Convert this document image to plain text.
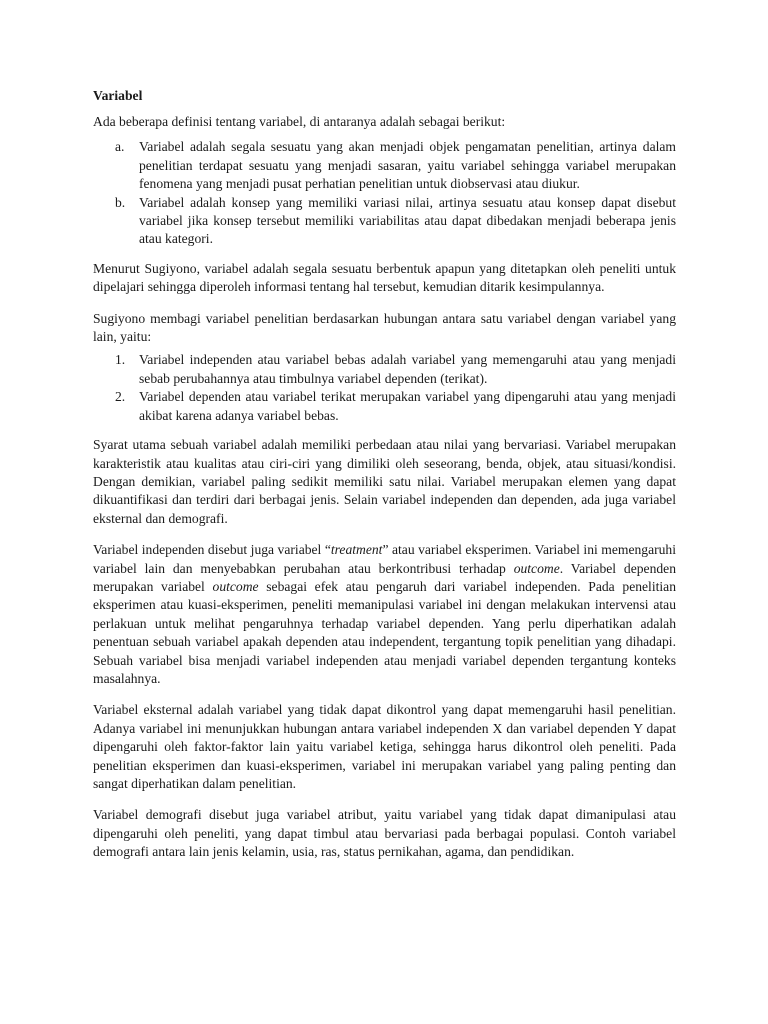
Variabel

Ada beberapa definisi tentang variabel, di antaranya adalah sebagai berikut:

a. Variabel adalah segala sesuatu yang akan menjadi objek pengamatan penelitian, artinya dalam penelitian terdapat sesuatu yang menjadi sasaran, yaitu variabel sehingga variabel merupakan fenomena yang menjadi pusat perhatian penelitian untuk diobservasi atau diukur.
b. Variabel adalah konsep yang memiliki variasi nilai, artinya sesuatu atau konsep dapat disebut variabel jika konsep tersebut memiliki variabilitas atau dapat dibedakan menjadi beberapa jenis atau kategori.

Menurut Sugiyono, variabel adalah segala sesuatu berbentuk apapun yang ditetapkan oleh peneliti untuk dipelajari sehingga diperoleh informasi tentang hal tersebut, kemudian ditarik kesimpulannya.

Sugiyono membagi variabel penelitian berdasarkan hubungan antara satu variabel dengan variabel yang lain, yaitu:

1. Variabel independen atau variabel bebas adalah variabel yang memengaruhi atau yang menjadi sebab perubahannya atau timbulnya variabel dependen (terikat).
2. Variabel dependen atau variabel terikat merupakan variabel yang dipengaruhi atau yang menjadi akibat karena adanya variabel bebas.

Syarat utama sebuah variabel adalah memiliki perbedaan atau nilai yang bervariasi. Variabel merupakan karakteristik atau kualitas atau ciri-ciri yang dimiliki oleh seseorang, benda, objek, atau situasi/kondisi. Dengan demikian, variabel paling sedikit memiliki satu nilai. Variabel merupakan elemen yang dapat dikuantifikasi dan terdiri dari berbagai jenis. Selain variabel independen dan dependen, ada juga variabel eksternal dan demografi.

Variabel independen disebut juga variabel “treatment” atau variabel eksperimen. Variabel ini memengaruhi variabel lain dan menyebabkan perubahan atau berkontribusi terhadap outcome. Variabel dependen merupakan variabel outcome sebagai efek atau pengaruh dari variabel independen. Pada penelitian eksperimen atau kuasi-eksperimen, peneliti memanipulasi variabel ini dengan melakukan intervensi atau perlakuan untuk melihat pengaruhnya terhadap variabel dependen. Yang perlu diperhatikan adalah penentuan sebuah variabel apakah dependen atau independent, tergantung topik penelitian yang dihadapi. Sebuah variabel bisa menjadi variabel independen atau menjadi variabel dependen tergantung konteks masalahnya.

Variabel eksternal adalah variabel yang tidak dapat dikontrol yang dapat memengaruhi hasil penelitian. Adanya variabel ini menunjukkan hubungan antara variabel independen X dan variabel dependen Y dapat dipengaruhi oleh faktor-faktor lain yaitu variabel ketiga, sehingga harus dikontrol oleh peneliti. Pada penelitian eksperimen dan kuasi-eksperimen, variabel ini merupakan variabel yang paling penting dan sangat diperhatikan dalam penelitian.

Variabel demografi disebut juga variabel atribut, yaitu variabel yang tidak dapat dimanipulasi atau dipengaruhi oleh peneliti, yang dapat timbul atau bervariasi pada berbagai populasi. Contoh variabel demografi antara lain jenis kelamin, usia, ras, status pernikahan, agama, dan pendidikan.
